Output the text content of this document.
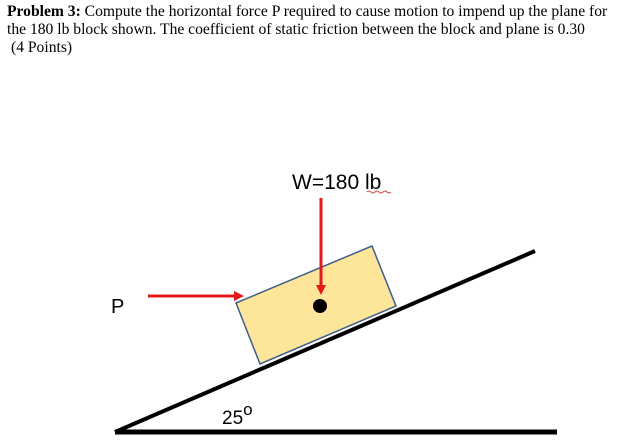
Problem 3: Compute the horizontal force P required to cause motion to impend up the plane for
the 180 lb block shown. The coefficient of static friction between the block and plane is 0.30
(4 Points)
W=180 lb
P
25o
